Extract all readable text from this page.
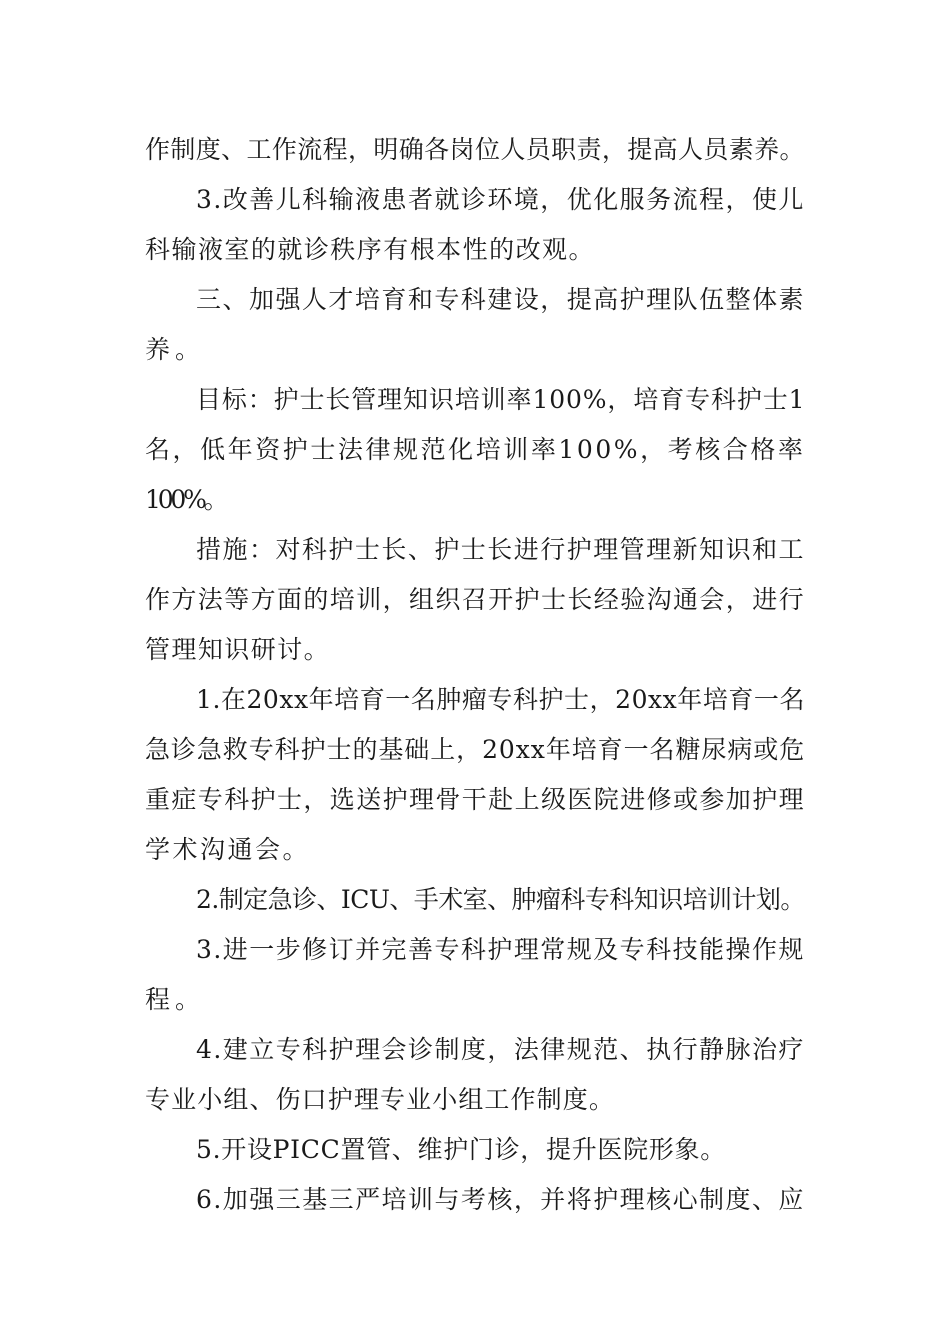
作制度、工作流程，明确各岗位人员职责，提高人员素养。
3.改善儿科输液患者就诊环境，优化服务流程，使儿
科输液室的就诊秩序有根本性的改观。
三、加强人才培育和专科建设，提高护理队伍整体素
养。
目标：护士长管理知识培训率100%，培育专科护士1
名，低年资护士法律规范化培训率100%，考核合格率
100%。
措施：对科护士长、护士长进行护理管理新知识和工
作方法等方面的培训，组织召开护士长经验沟通会，进行
管理知识研讨。
1.在20xx年培育一名肿瘤专科护士，20xx年培育一名
急诊急救专科护士的基础上，20xx年培育一名糖尿病或危
重症专科护士，选送护理骨干赴上级医院进修或参加护理
学术沟通会。
2.制定急诊、ICU、手术室、肿瘤科专科知识培训计划。
3.进一步修订并完善专科护理常规及专科技能操作规
程。
4.建立专科护理会诊制度，法律规范、执行静脉治疗
专业小组、伤口护理专业小组工作制度。
5.开设PICC置管、维护门诊，提升医院形象。
6.加强三基三严培训与考核，并将护理核心制度、应
